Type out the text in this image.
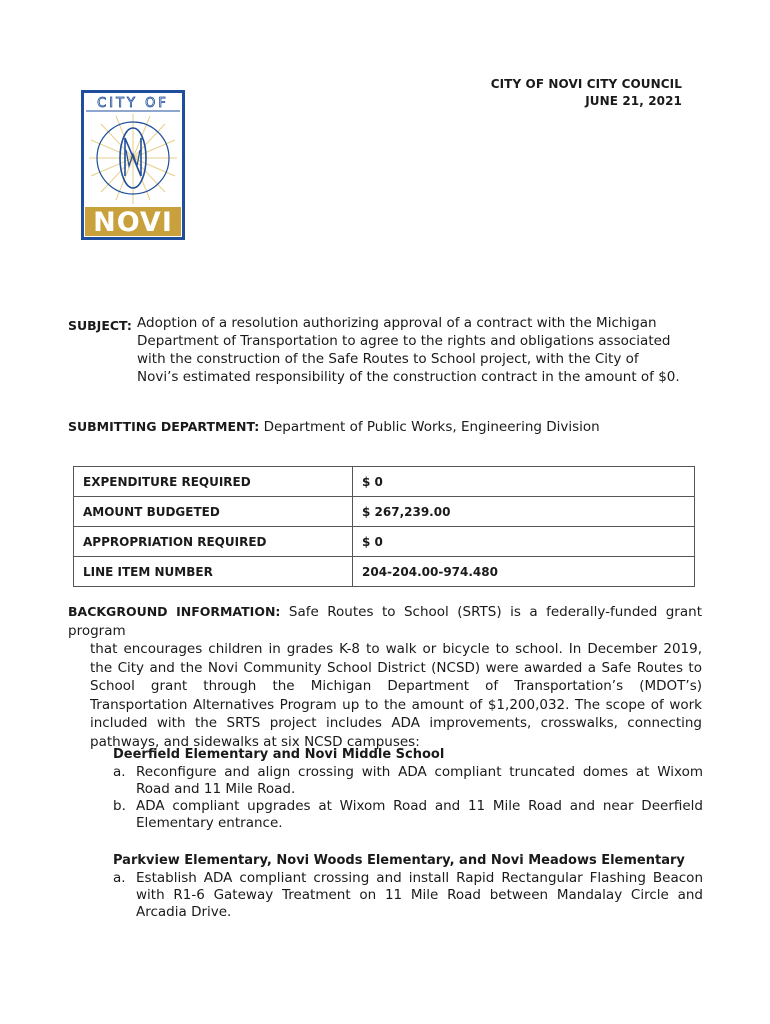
CITY OF NOVI CITY COUNCIL
JUNE 21, 2021
CITY OF
NOVI
SUBJECT: Adoption of a resolution authorizing approval of a contract with the Michigan Department of Transportation to agree to the rights and obligations associated with the construction of the Safe Routes to School project, with the City of Novi’s estimated responsibility of the construction contract in the amount of $0.
SUBMITTING DEPARTMENT: Department of Public Works, Engineering Division
EXPENDITURE REQUIRED	$ 0
AMOUNT BUDGETED	$ 267,239.00
APPROPRIATION REQUIRED	$ 0
LINE ITEM NUMBER	204-204.00-974.480
BACKGROUND INFORMATION: Safe Routes to School (SRTS) is a federally-funded grant program
that encourages children in grades K-8 to walk or bicycle to school. In December 2019, the City and the Novi Community School District (NCSD) were awarded a Safe Routes to School grant through the Michigan Department of Transportation’s (MDOT’s) Transportation Alternatives Program up to the amount of $1,200,032. The scope of work included with the SRTS project includes ADA improvements, crosswalks, connecting pathways, and sidewalks at six NCSD campuses:
Deerfield Elementary and Novi Middle School
a. Reconfigure and align crossing with ADA compliant truncated domes at Wixom Road and 11 Mile Road.
b. ADA compliant upgrades at Wixom Road and 11 Mile Road and near Deerfield Elementary entrance.
Parkview Elementary, Novi Woods Elementary, and Novi Meadows Elementary
a. Establish ADA compliant crossing and install Rapid Rectangular Flashing Beacon with R1-6 Gateway Treatment on 11 Mile Road between Mandalay Circle and Arcadia Drive.
